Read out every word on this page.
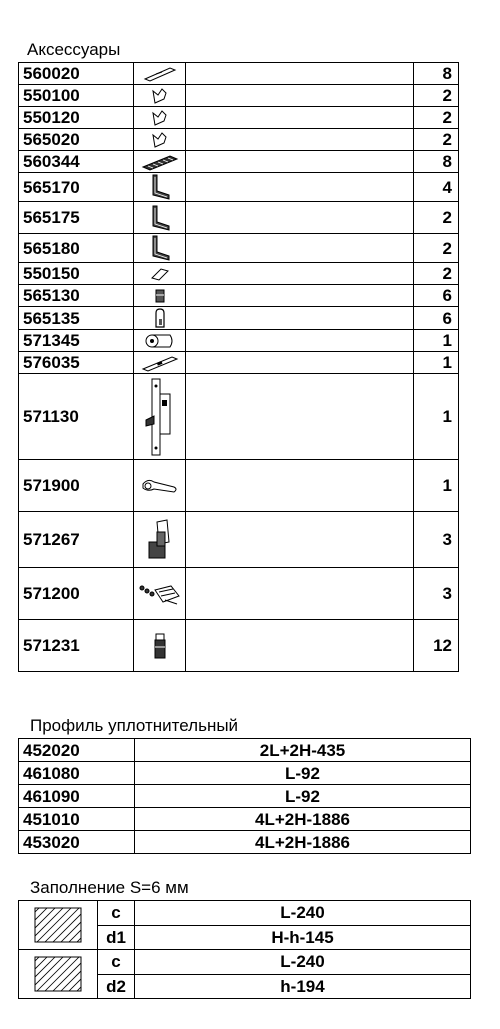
Аксессуары
560020			8
550100			2
550120			2
565020			2
560344			8
565170			4
565175			2
565180			2
550150			2
565130			6
565135			6
571345			1
576035			1
571130			1
571900			1
571267			3
571200			3
571231			12
Профиль уплотнительный
452020	2L+2H-435
461080	L-92
461090	L-92
451010	4L+2H-1886
453020	4L+2H-1886
Заполнение S=6 мм
	c	L-240
	d1	H-h-145

	c	L-240
	d2	h-194
